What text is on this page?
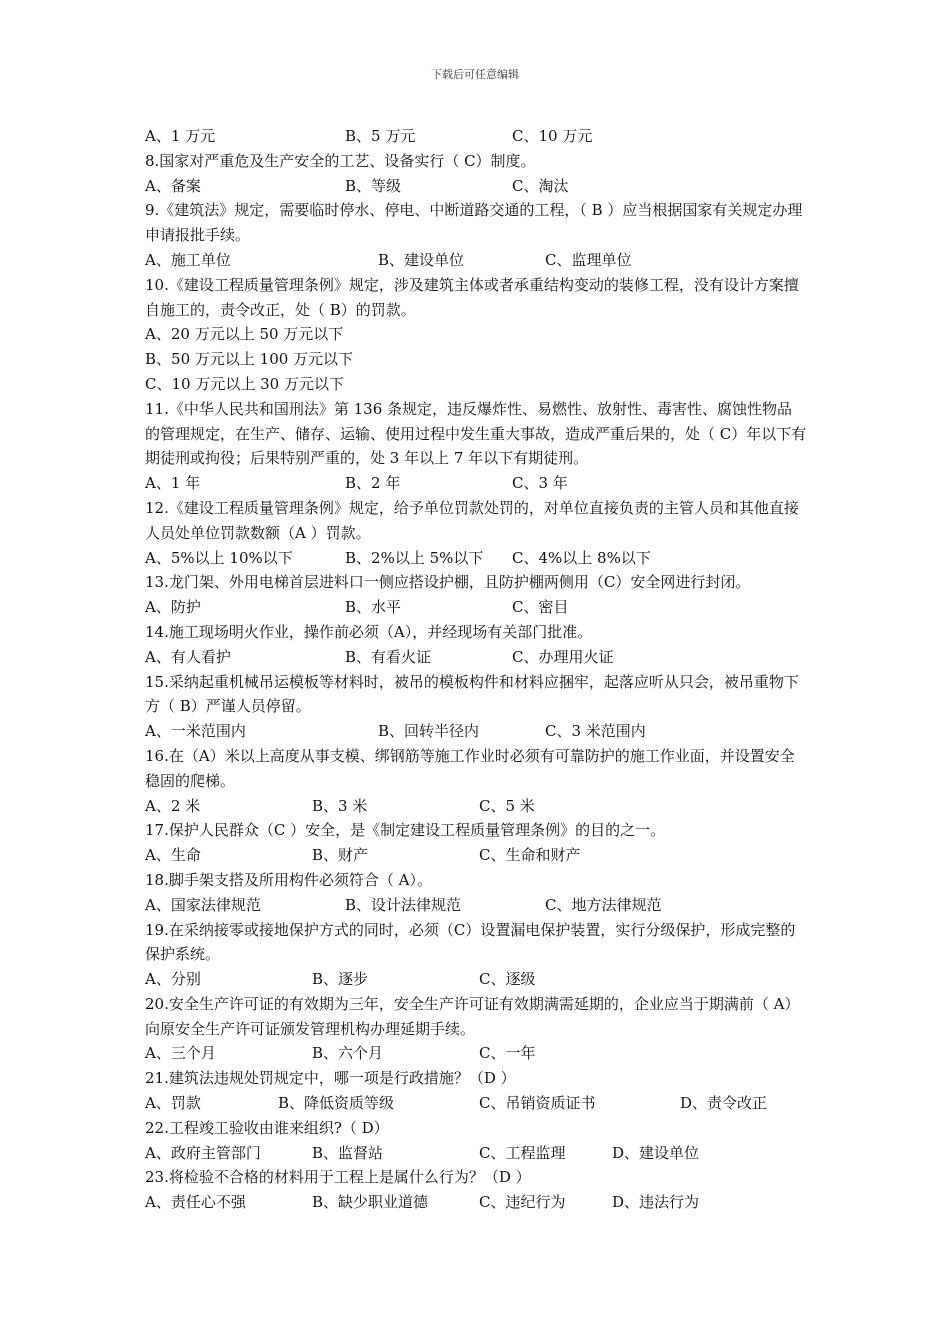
下载后可任意编辑
A、1 万元	B、5 万元	C、10 万元
8.国家对严重危及生产安全的工艺、设备实行（ C）制度。
A、备案	B、等级	C、淘汰
9.《建筑法》规定，需要临时停水、停电、中断道路交通的工程，（ B ）应当根据国家有关规定办理申请报批手续。
A、施工单位	B、建设单位	C、监理单位
10.《建设工程质量管理条例》规定，涉及建筑主体或者承重结构变动的装修工程，没有设计方案擅自施工的，责令改正，处（ B）的罚款。
A、20 万元以上 50 万元以下
B、50 万元以上 100 万元以下
C、10 万元以上 30 万元以下
11.《中华人民共和国刑法》第 136 条规定，违反爆炸性、易燃性、放射性、毒害性、腐蚀性物品的管理规定，在生产、储存、运输、使用过程中发生重大事故，造成严重后果的，处（ C）年以下有期徒刑或拘役；后果特别严重的，处 3 年以上 7 年以下有期徒刑。
A、1 年	B、2 年	C、3 年
12.《建设工程质量管理条例》规定，给予单位罚款处罚的，对单位直接负责的主管人员和其他直接人员处单位罚款数额（A ）罚款。
A、5%以上 10%以下	B、2%以上 5%以下 C、4%以上 8%以下
13.龙门架、外用电梯首层进料口一侧应搭设护棚，且防护棚两侧用（C）安全网进行封闭。
A、防护	B、水平	C、密目
14.施工现场明火作业，操作前必须（A），并经现场有关部门批准。
A、有人看护	B、有看火证	C、办理用火证
15.采纳起重机械吊运模板等材料时，被吊的模板构件和材料应捆牢，起落应听从只会，被吊重物下方（ B）严谨人员停留。
A、一米范围内	B、回转半径内	C、3 米范围内
16.在（A）米以上高度从事支模、绑钢筋等施工作业时必须有可靠防护的施工作业面，并设置安全稳固的爬梯。
A、2 米	B、3 米	C、5 米
17.保护人民群众（C ）安全，是《制定建设工程质量管理条例》的目的之一。
A、生命	B、财产	C、生命和财产
18.脚手架支搭及所用构件必须符合（ A）。
A、国家法律规范	B、设计法律规范	C、地方法律规范
19.在采纳接零或接地保护方式的同时，必须（C）设置漏电保护装置，实行分级保护，形成完整的保护系统。
A、分别	B、逐步	C、逐级
20.安全生产许可证的有效期为三年，安全生产许可证有效期满需延期的，企业应当于期满前（ A）向原安全生产许可证颁发管理机构办理延期手续。
A、三个月	B、六个月	C、一年
21.建筑法违规处罚规定中，哪一项是行政措施？（D ）
A、罚款	B、降低资质等级	C、吊销资质证书	D、责令改正
22.工程竣工验收由谁来组织?（ D）
A、政府主管部门	B、监督站	C、工程监理	D、建设单位
23.将检验不合格的材料用于工程上是属什么行为？（D ）
A、责任心不强	B、缺少职业道德	C、违纪行为	D、违法行为
